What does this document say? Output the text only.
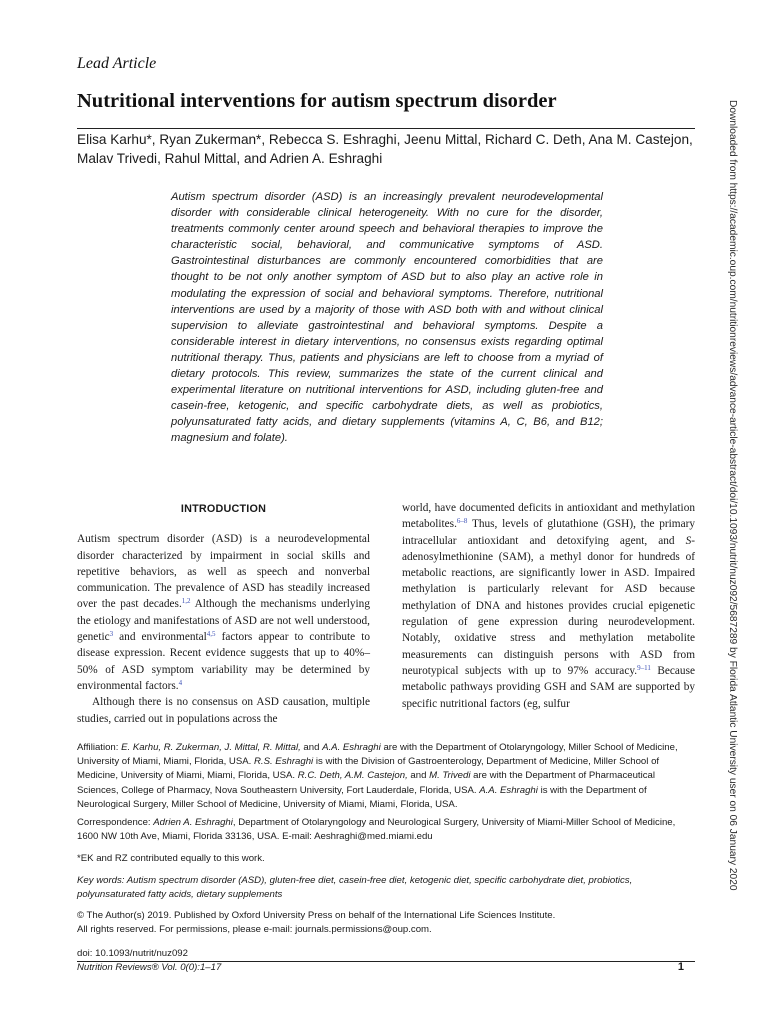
Lead Article
Nutritional interventions for autism spectrum disorder
Elisa Karhu*, Ryan Zukerman*, Rebecca S. Eshraghi, Jeenu Mittal, Richard C. Deth, Ana M. Castejon,
Malav Trivedi, Rahul Mittal, and Adrien A. Eshraghi

Autism spectrum disorder (ASD) is an increasingly prevalent neurodevelopmental disorder with considerable clinical heterogeneity. With no cure for the disorder, treatments commonly center around speech and behavioral therapies to improve the characteristic social, behavioral, and communicative symptoms of ASD. Gastrointestinal disturbances are commonly encountered comorbidities that are thought to be not only another symptom of ASD but to also play an active role in modulating the expression of social and behavioral symptoms. Therefore, nutritional interventions are used by a majority of those with ASD both with and without clinical supervision to alleviate gastrointestinal and behavioral symptoms. Despite a considerable interest in dietary interventions, no consensus exists regarding optimal nutritional therapy. Thus, patients and physicians are left to choose from a myriad of dietary protocols. This review, summarizes the state of the current clinical and experimental literature on nutritional interventions for ASD, including gluten-free and casein-free, ketogenic, and specific carbohydrate diets, as well as probiotics, polyunsaturated fatty acids, and dietary supplements (vitamins A, C, B6, and B12; magnesium and folate).

INTRODUCTION

Autism spectrum disorder (ASD) is a neurodevelopmental disorder characterized by impairment in social skills and repetitive behaviors, as well as speech and nonverbal communication. The prevalence of ASD has steadily increased over the past decades.$^{1,2}$ Although the mechanisms underlying the etiology and manifestations of ASD are not well understood, genetic$^3$ and environmental$^{4,5}$ factors appear to contribute to disease expression. Recent evidence suggests that up to 40%–50% of ASD symptom variability may be determined by environmental factors.$^4$

Although there is no consensus on ASD causation, multiple studies, carried out in populations across the

world, have documented deficits in antioxidant and methylation metabolites.$^{6-8}$ Thus, levels of glutathione (GSH), the primary intracellular antioxidant and detoxifying agent, and S-adenosylmethionine (SAM), a methyl donor for hundreds of metabolic reactions, are significantly lower in ASD. Impaired methylation is particularly relevant for ASD because methylation of DNA and histones provides crucial epigenetic regulation of gene expression during neurodevelopment. Notably, oxidative stress and methylation metabolite measurements can distinguish persons with ASD from neurotypical subjects with up to 97% accuracy.$^{9-11}$ Because metabolic pathways providing GSH and SAM are supported by specific nutritional factors (eg, sulfur

Affiliation: E. Karhu, R. Zukerman, J. Mittal, R. Mittal, and A.A. Eshraghi are with the Department of Otolaryngology, Miller School of Medicine, University of Miami, Miami, Florida, USA. R.S. Eshraghi is with the Division of Gastroenterology, Department of Medicine, Miller School of Medicine, University of Miami, Miami, Florida, USA. R.C. Deth, A.M. Castejon, and M. Trivedi are with the Department of Pharmaceutical Sciences, College of Pharmacy, Nova Southeastern University, Fort Lauderdale, Florida, USA. A.A. Eshraghi is with the Department of Neurological Surgery, Miller School of Medicine, University of Miami, Miami, Florida, USA.

Correspondence: Adrien A. Eshraghi, Department of Otolaryngology and Neurological Surgery, University of Miami-Miller School of Medicine, 1600 NW 10th Ave, Miami, Florida 33136, USA. E-mail: Aeshraghi@med.miami.edu

*EK and RZ contributed equally to this work.

Key words: Autism spectrum disorder (ASD), gluten-free diet, casein-free diet, ketogenic diet, specific carbohydrate diet, probiotics, polyunsaturated fatty acids, dietary supplements

© The Author(s) 2019. Published by Oxford University Press on behalf of the International Life Sciences Institute.
All rights reserved. For permissions, please e-mail: journals.permissions@oup.com.

doi: 10.1093/nutrit/nuz092

Nutrition Reviews® Vol. 0(0):1–17	1
Downloaded from https://academic.oup.com/nutritionreviews/advance-article-abstract/doi/10.1093/nutrit/nuz092/5687289 by Florida Atlantic University user on 06 January 2020
